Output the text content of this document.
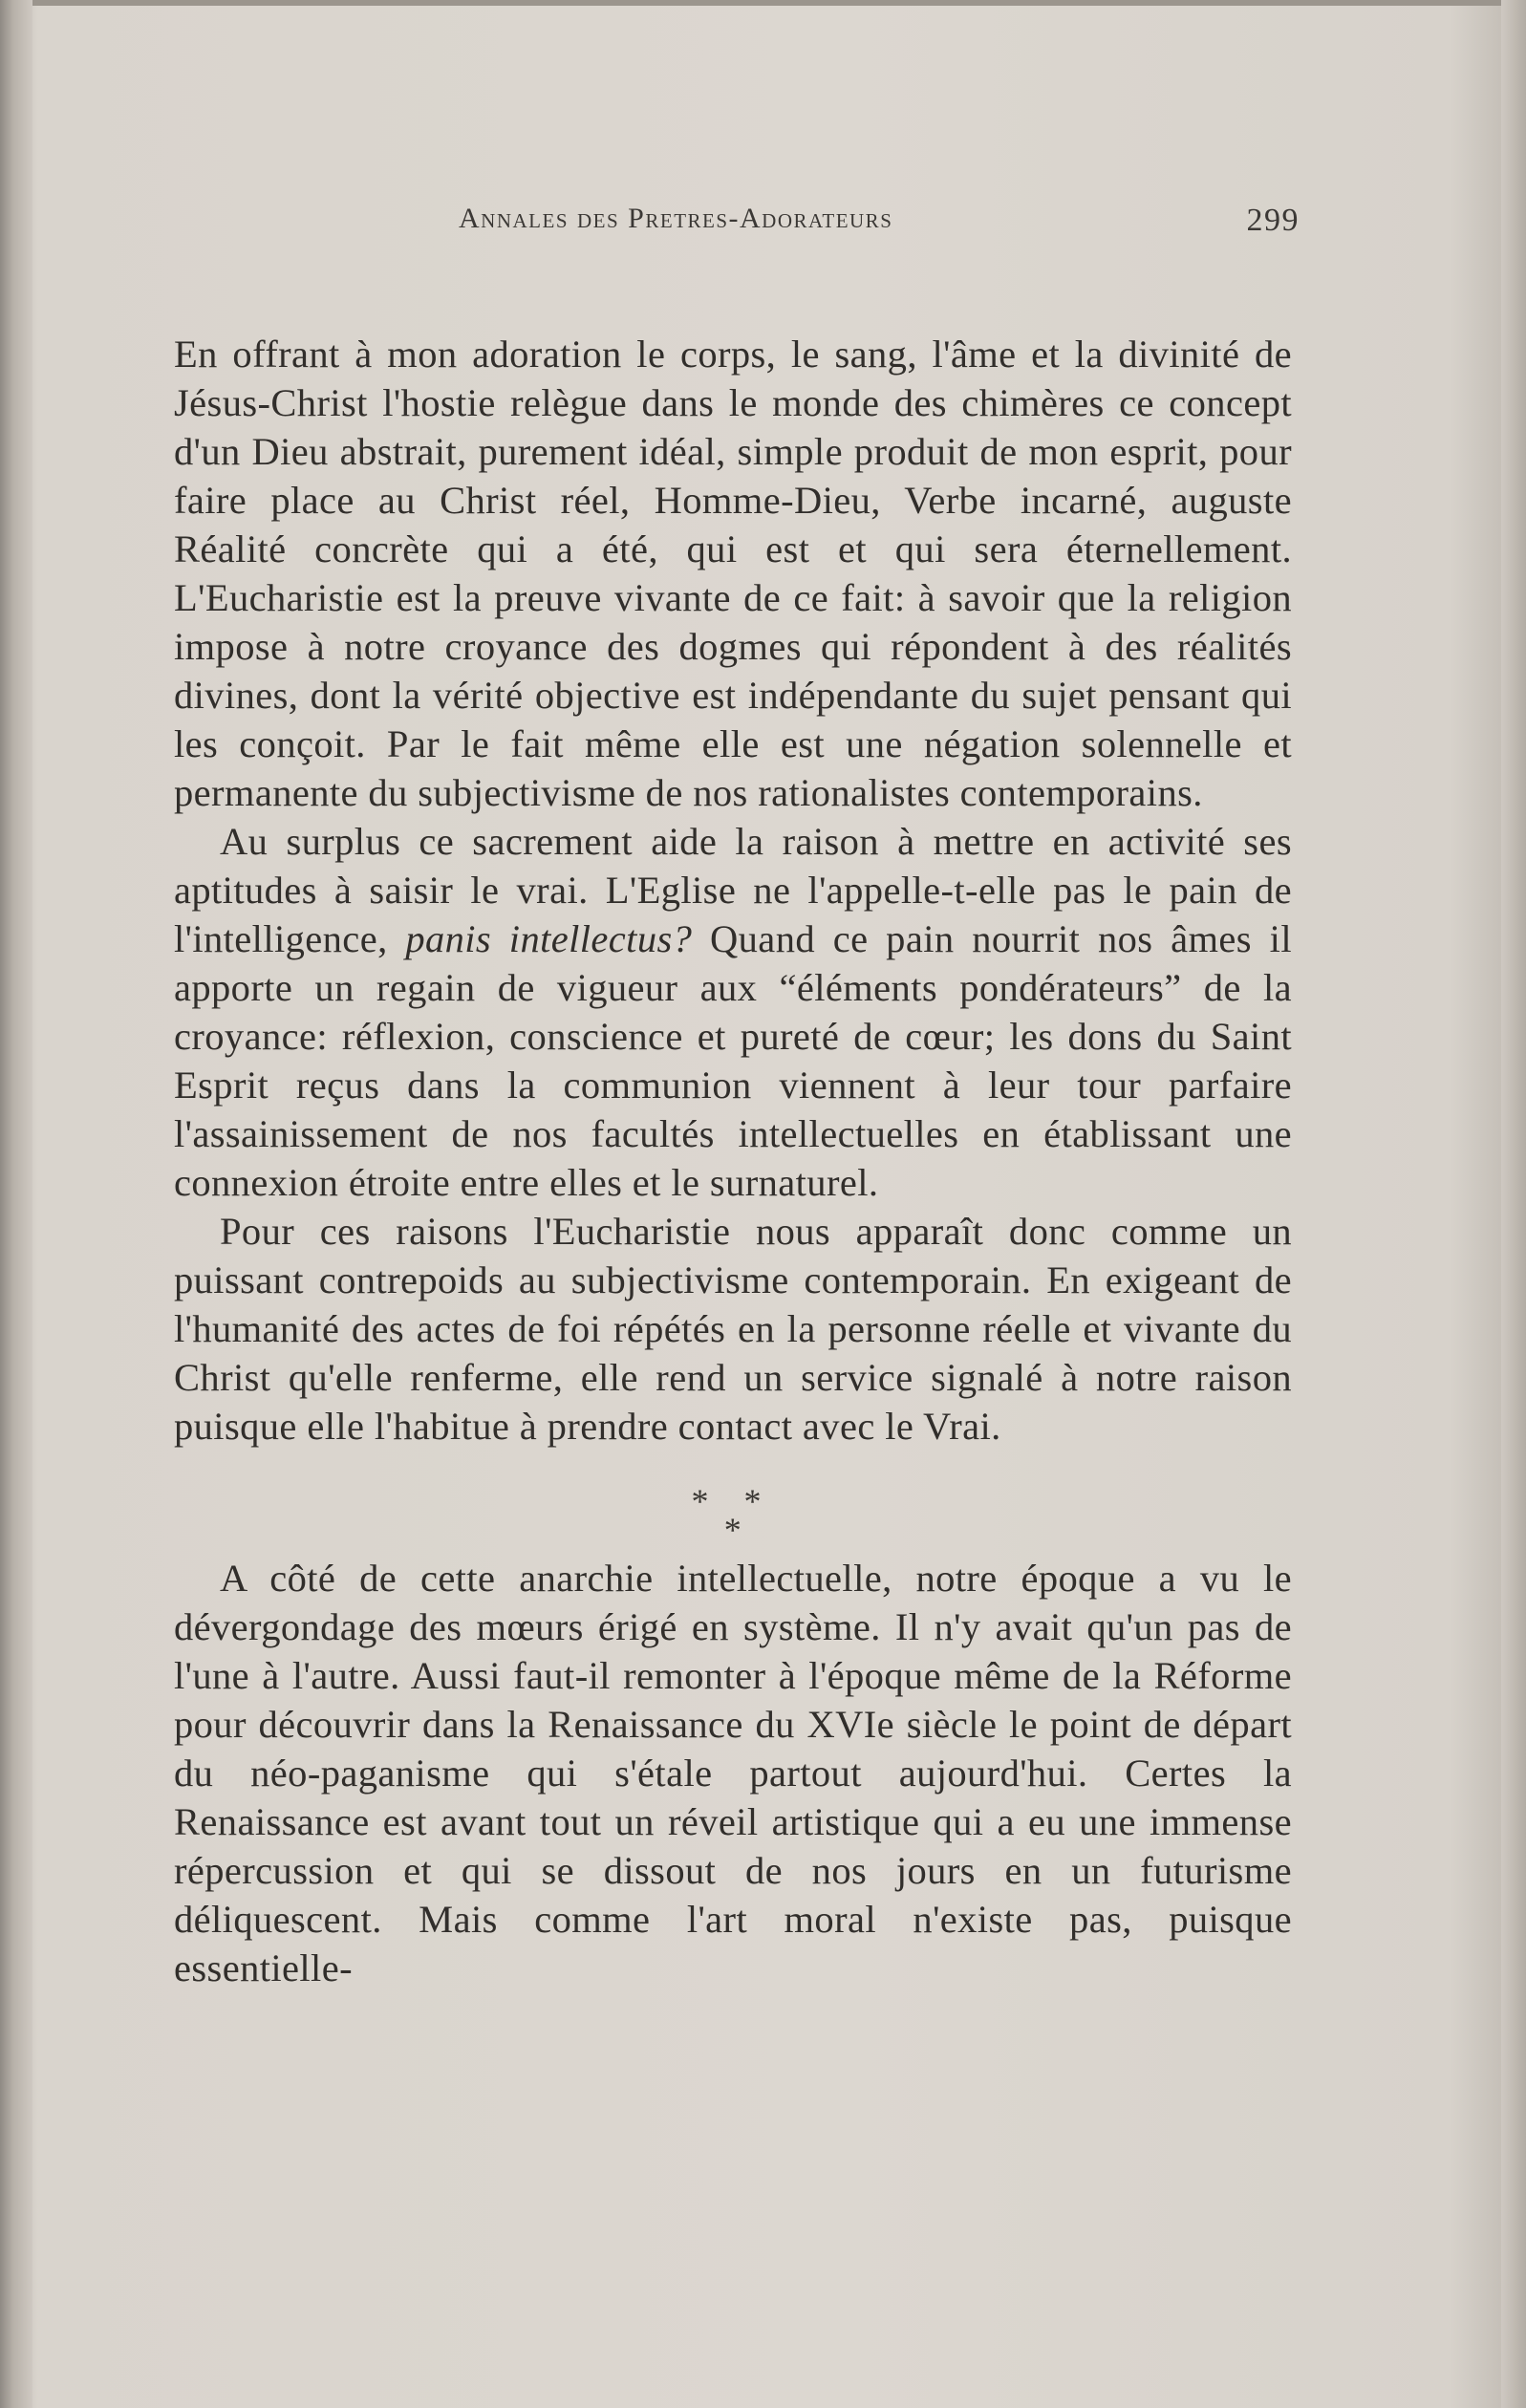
Annales des Pretres-Adorateurs	299

En offrant à mon adoration le corps, le sang, l'âme et la divinité de Jésus-Christ l'hostie relègue dans le monde des chimères ce concept d'un Dieu abstrait, purement idéal, simple produit de mon esprit, pour faire place au Christ réel, Homme-Dieu, Verbe incarné, auguste Réalité concrète qui a été, qui est et qui sera éternellement. L'Eucharistie est la preuve vivante de ce fait: à savoir que la religion impose à notre croyance des dogmes qui répondent à des réalités divines, dont la vérité objective est indépendante du sujet pensant qui les conçoit. Par le fait même elle est une négation solennelle et permanente du subjectivisme de nos rationalistes contemporains.

Au surplus ce sacrement aide la raison à mettre en activité ses aptitudes à saisir le vrai. L'Eglise ne l'appelle-t-elle pas le pain de l'intelligence, panis intellectus? Quand ce pain nourrit nos âmes il apporte un regain de vigueur aux “éléments pondérateurs” de la croyance: réflexion, conscience et pureté de cœur; les dons du Saint Esprit reçus dans la communion viennent à leur tour parfaire l'assainissement de nos facultés intellectuelles en établissant une connexion étroite entre elles et le surnaturel.

Pour ces raisons l'Eucharistie nous apparaît donc comme un puissant contrepoids au subjectivisme contemporain. En exigeant de l'humanité des actes de foi répétés en la personne réelle et vivante du Christ qu'elle renferme, elle rend un service signalé à notre raison puisque elle l'habitue à prendre contact avec le Vrai.

* *
*

A côté de cette anarchie intellectuelle, notre époque a vu le dévergondage des mœurs érigé en système. Il n'y avait qu'un pas de l'une à l'autre. Aussi faut-il remonter à l'époque même de la Réforme pour découvrir dans la Renaissance du XVIe siècle le point de départ du néo-paganisme qui s'étale partout aujourd'hui. Certes la Renaissance est avant tout un réveil artistique qui a eu une immense répercussion et qui se dissout de nos jours en un futurisme déliquescent. Mais comme l'art moral n'existe pas, puisque essentielle-
